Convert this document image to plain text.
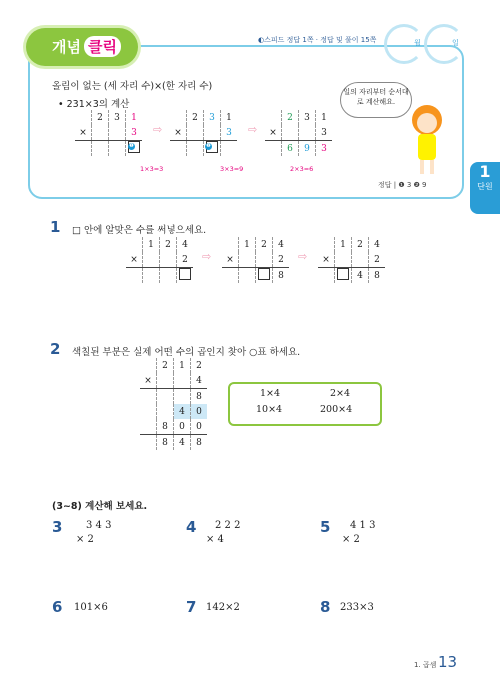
개념 클릭	◐스피드 정답 1쪽 · 정답 및 풀이 15쪽	월	일
올림이 없는 (세 자리 수)×(한 자리 수)
• 231×3의 계산
	2	3	1
×			3

❶
⇨
	2	3	1
×			3

❷
⇨
	2	3	1
×			3
	6	9	3
1×3=3	3×3=9	2×3=6
일의 자리부터 순서대로 계산해요.
정답 | ❶ 3 ❷ 9
1
단원
1 □ 안에 알맞은 수를 써넣으세요.
	1	2	4
×			2
			⇨
	1	2	4
×			2
			8
⇨
	1	2	4
×			2
		4	8
2 색칠된 부분은 실제 어떤 수의 곱인지 찾아 ○표 하세요.
	2	1	2
×			4
			8
		4	0
	8	0	0
	8	4	8
1×4	2×4
10×4	200×4
(3~8) 계산해 보세요.
3 3 4 3
× 2
4 2 2 2
× 4
5 4 1 3
× 2
6 101×6	7 142×2	8 233×3
1. 곱셈 13
